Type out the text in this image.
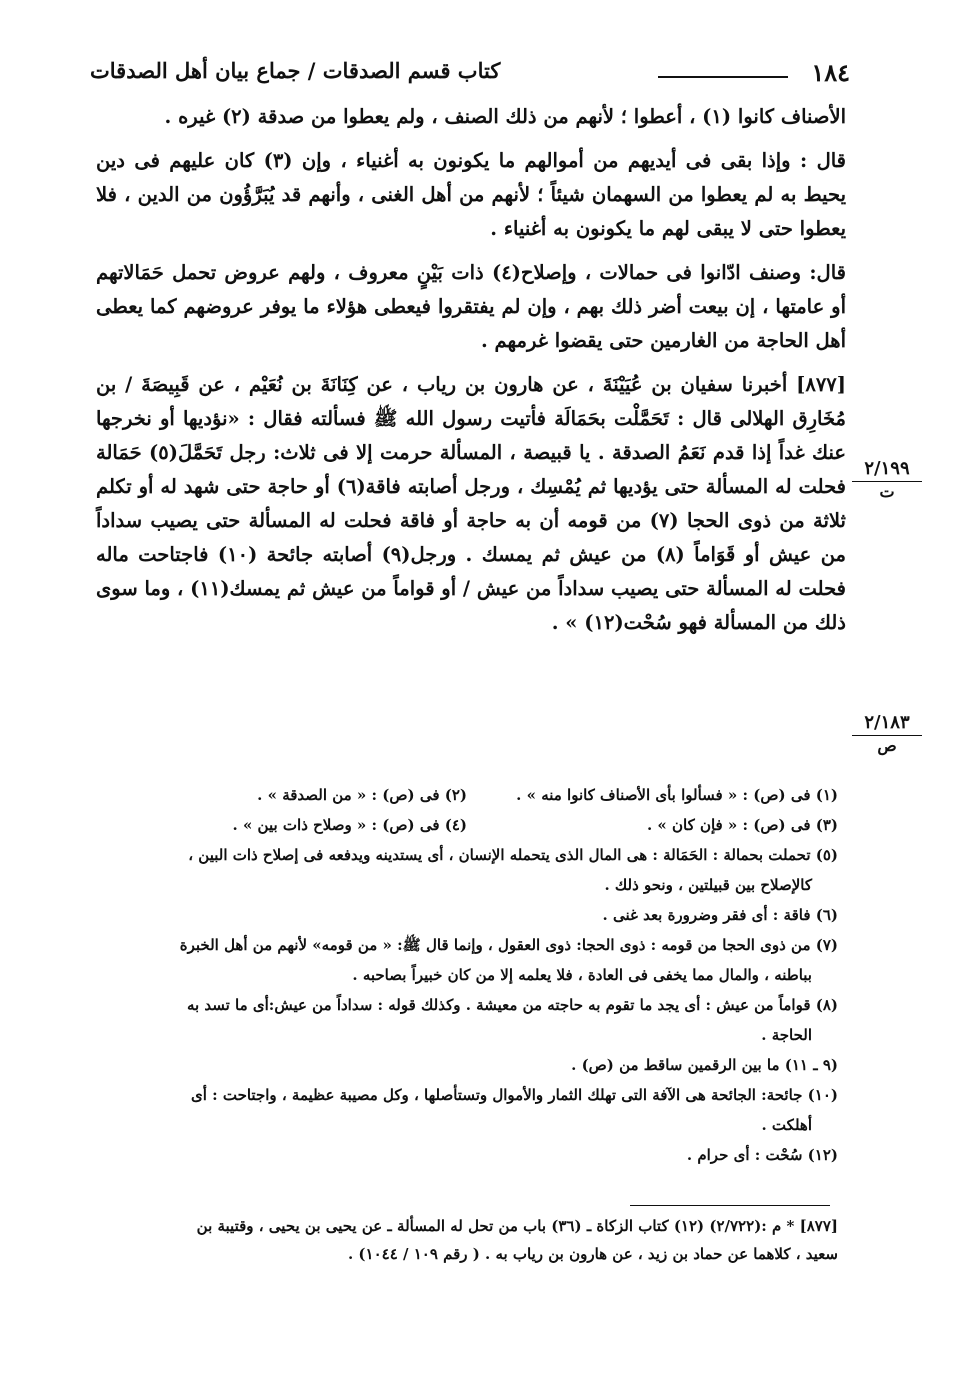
١٨٤
كتاب قسم الصدقات / جماع بيان أهل الصدقات

الأصناف كانوا (١) ، أعطوا ؛ لأنهم من ذلك الصنف ، ولم يعطوا من صدقة (٢) غيره .

قال : وإذا بقى فى أيديهم من أموالهم ما يكونون به أغنياء ، وإن (٣) كان عليهم فى دين يحيط به لم يعطوا من السهمان شيئاً ؛ لأنهم من أهل الغنى ، وأنهم قد يُبَرَّؤُون من الدين ، فلا يعطوا حتى لا يبقى لهم ما يكونون به أغنياء .

قال: وصنف ادّانوا فى حمالات ، وإصلاح(٤) ذات بَيْنٍ معروف ، ولهم عروض تحمل حَمَالاتهم أو عامتها ، إن بيعت أضر ذلك بهم ، وإن لم يفتقروا فيعطى هؤلاء ما يوفر عروضهم كما يعطى أهل الحاجة من الغارمين حتى يقضوا غرمهم .

[٨٧٧] أخبرنا سفيان بن عُيَيْنَةَ ، عن هارون بن رياب ، عن كِنَانَةَ بن نُعَيْم ، عن قَبِيصَةَ / بن مُخَارِق الهلالى قال : تَحَمَّلْت بحَمَالَة فأتيت رسول الله ﷺ فسألته فقال : «نؤديها أو نخرجها عنك غداً إذا قدم نَعَمُ الصدقة . يا قبيصة ، المسألة حرمت إلا فى ثلاث: رجل تَحَمَّلَ(٥) حَمَالة فحلت له المسألة حتى يؤديها ثم يُمْسِك ، ورجل أصابته فاقة(٦) أو حاجة حتى شهد له أو تكلم ثلاثة من ذوى الحجا (٧) من قومه أن به حاجة أو فاقة فحلت له المسألة حتى يصيب سداداً من عيش أو قَوَاماً (٨) من عيش ثم يمسك . ورجل(٩) أصابته جائحة (١٠) فاجتاحت ماله فحلت له المسألة حتى يصيب سداداً من عيش / أو قواماً من عيش ثم يمسك(١١) ، وما سوى ذلك من المسألة فهو سُحْت(١٢) » .

٢/١٩٩
ت
٢/١٨٣
ص

(١) فى (ص) : « فسألوا بأى الأصناف كانوا منه » .

(٢) فى (ص) : « من الصدقة » .

(٣) فى (ص) : « فإن كان » .

(٤) فى (ص) : « وصلاح ذات بين » .

(٥) تحملت بحمالة : الحَمَالة : هى المال الذى يتحمله الإنسان ، أى يستدينه ويدفعه فى إصلاح ذات البين ،

كالإصلاح بين قبيلتين ، ونحو ذلك .

(٦) فاقة : أى فقر وضرورة بعد غنى .

(٧) من ذوى الحجا من قومه : ذوى الحجا: ذوى العقول ، وإنما قال ﷺ: « من قومه» لأنهم من أهل الخبرة

بباطنه ، والمال مما يخفى فى العادة ، فلا يعلمه إلا من كان خبيراً بصاحبه .

(٨) قواماً من عيش : أى يجد ما تقوم به حاجته من معيشة . وكذلك قوله : سداداً من عيش:أى ما تسد به

الحاجة .

(٩ ـ ١١) ما بين الرقمين ساقط من (ص) .

(١٠) جائحة: الجائحة هى الآفة التى تهلك الثمار والأموال وتستأصلها ، وكل مصيبة عظيمة ، واجتاحت : أى

أهلكت .

(١٢) سُحْت : أى حرام .

[٨٧٧] * م :(٢/٧٢٢) (١٢) كتاب الزكاة ـ (٣٦) باب من تحل له المسألة ـ عن يحيى بن يحيى ، وقتيبة بن
سعيد ، كلاهما عن حماد بن زيد ، عن هارون بن رياب به . ( رقم ١٠٩ / ١٠٤٤) .
